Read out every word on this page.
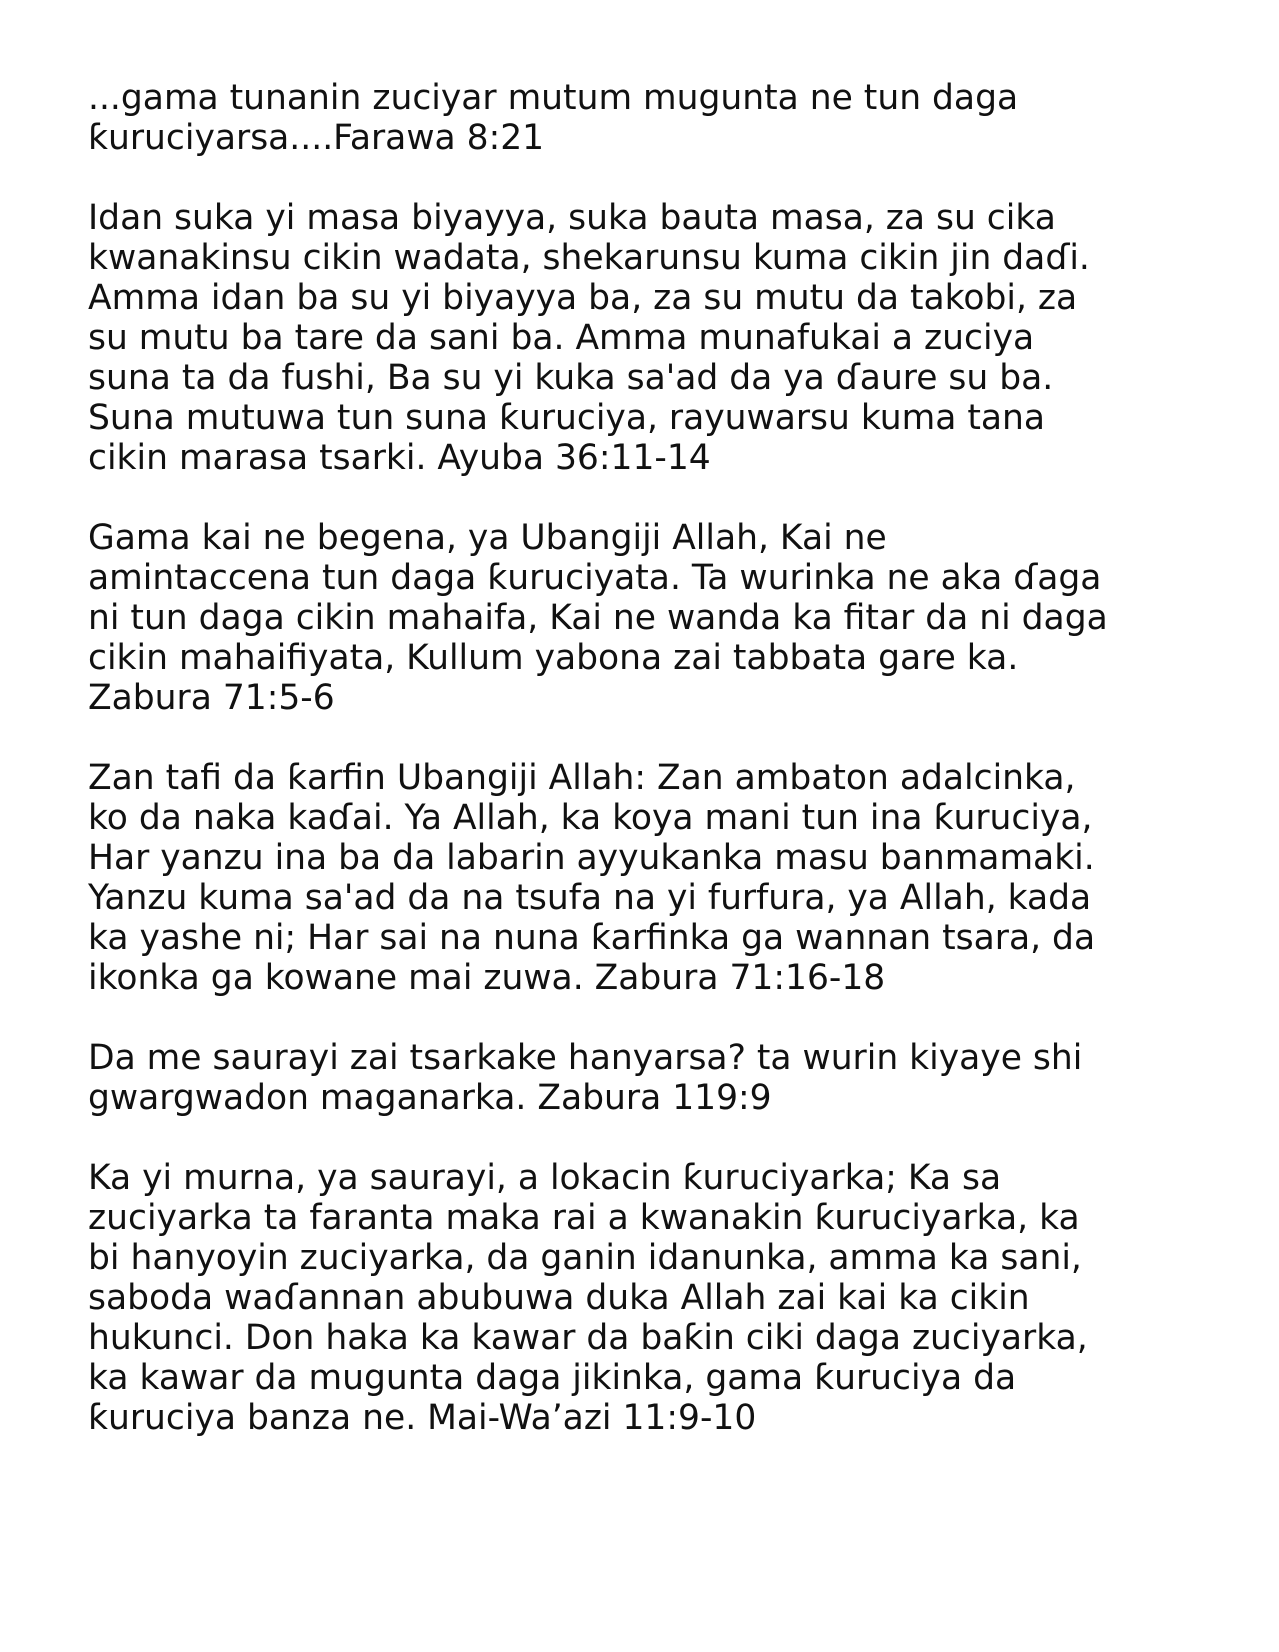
...gama tunanin zuciyar mutum mugunta ne tun daga
ƙuruciyarsa....Farawa 8:21

Idan suka yi masa biyayya, suka bauta masa, za su cika
kwanakinsu cikin wadata, shekarunsu kuma cikin jin daɗi.
Amma idan ba su yi biyayya ba, za su mutu da takobi, za
su mutu ba tare da sani ba. Amma munafukai a zuciya
suna ta da fushi, Ba su yi kuka sa'ad da ya ɗaure su ba.
Suna mutuwa tun suna ƙuruciya, rayuwarsu kuma tana
cikin marasa tsarki. Ayuba 36:11-14

Gama kai ne begena, ya Ubangiji Allah, Kai ne
amintaccena tun daga ƙuruciyata. Ta wurinka ne aka ɗaga
ni tun daga cikin mahaifa, Kai ne wanda ka fitar da ni daga
cikin mahaifiyata, Kullum yabona zai tabbata gare ka.
Zabura 71:5-6

Zan tafi da ƙarfin Ubangiji Allah: Zan ambaton adalcinka,
ko da naka kaɗai. Ya Allah, ka koya mani tun ina ƙuruciya,
Har yanzu ina ba da labarin ayyukanka masu banmamaki.
Yanzu kuma sa'ad da na tsufa na yi furfura, ya Allah, kada
ka yashe ni; Har sai na nuna ƙarfinka ga wannan tsara, da
ikonka ga kowane mai zuwa. Zabura 71:16-18

Da me saurayi zai tsarkake hanyarsa? ta wurin kiyaye shi
gwargwadon maganarka. Zabura 119:9

Ka yi murna, ya saurayi, a lokacin ƙuruciyarka; Ka sa
zuciyarka ta faranta maka rai a kwanakin ƙuruciyarka, ka
bi hanyoyin zuciyarka, da ganin idanunka, amma ka sani,
saboda waɗannan abubuwa duka Allah zai kai ka cikin
hukunci. Don haka ka kawar da baƙin ciki daga zuciyarka,
ka kawar da mugunta daga jikinka, gama ƙuruciya da
ƙuruciya banza ne. Mai-Wa’azi 11:9-10
